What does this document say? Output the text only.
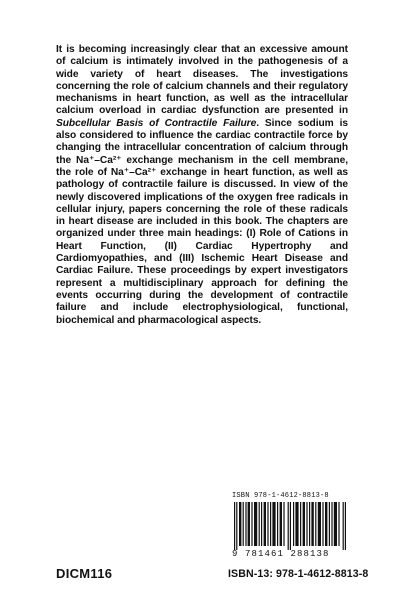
It is becoming increasingly clear that an excessive amount of calcium is intimately involved in the pathogenesis of a wide variety of heart diseases. The investigations concerning the role of calcium channels and their regulatory mechanisms in heart function, as well as the intracellular calcium overload in cardiac dysfunction are presented in Subcellular Basis of Contractile Failure. Since sodium is also considered to influence the cardiac contractile force by changing the intracellular concentration of calcium through the Na⁺–Ca²⁺ exchange mechanism in the cell membrane, the role of Na⁺–Ca²⁺ exchange in heart function, as well as pathology of contractile failure is discussed. In view of the newly discovered implications of the oxygen free radicals in cellular injury, papers concerning the role of these radicals in heart disease are included in this book. The chapters are organized under three main headings: (I) Role of Cations in Heart Function, (II) Cardiac Hypertrophy and Cardiomyopathies, and (III) Ischemic Heart Disease and Cardiac Failure. These proceedings by expert investigators represent a multidisciplinary approach for defining the events occurring during the development of contractile failure and include electrophysiological, functional, biochemical and pharmacological aspects.
ISBN 978-1-4612-8813-8
9 781461 288138
DICM116	ISBN-13: 978-1-4612-8813-8
